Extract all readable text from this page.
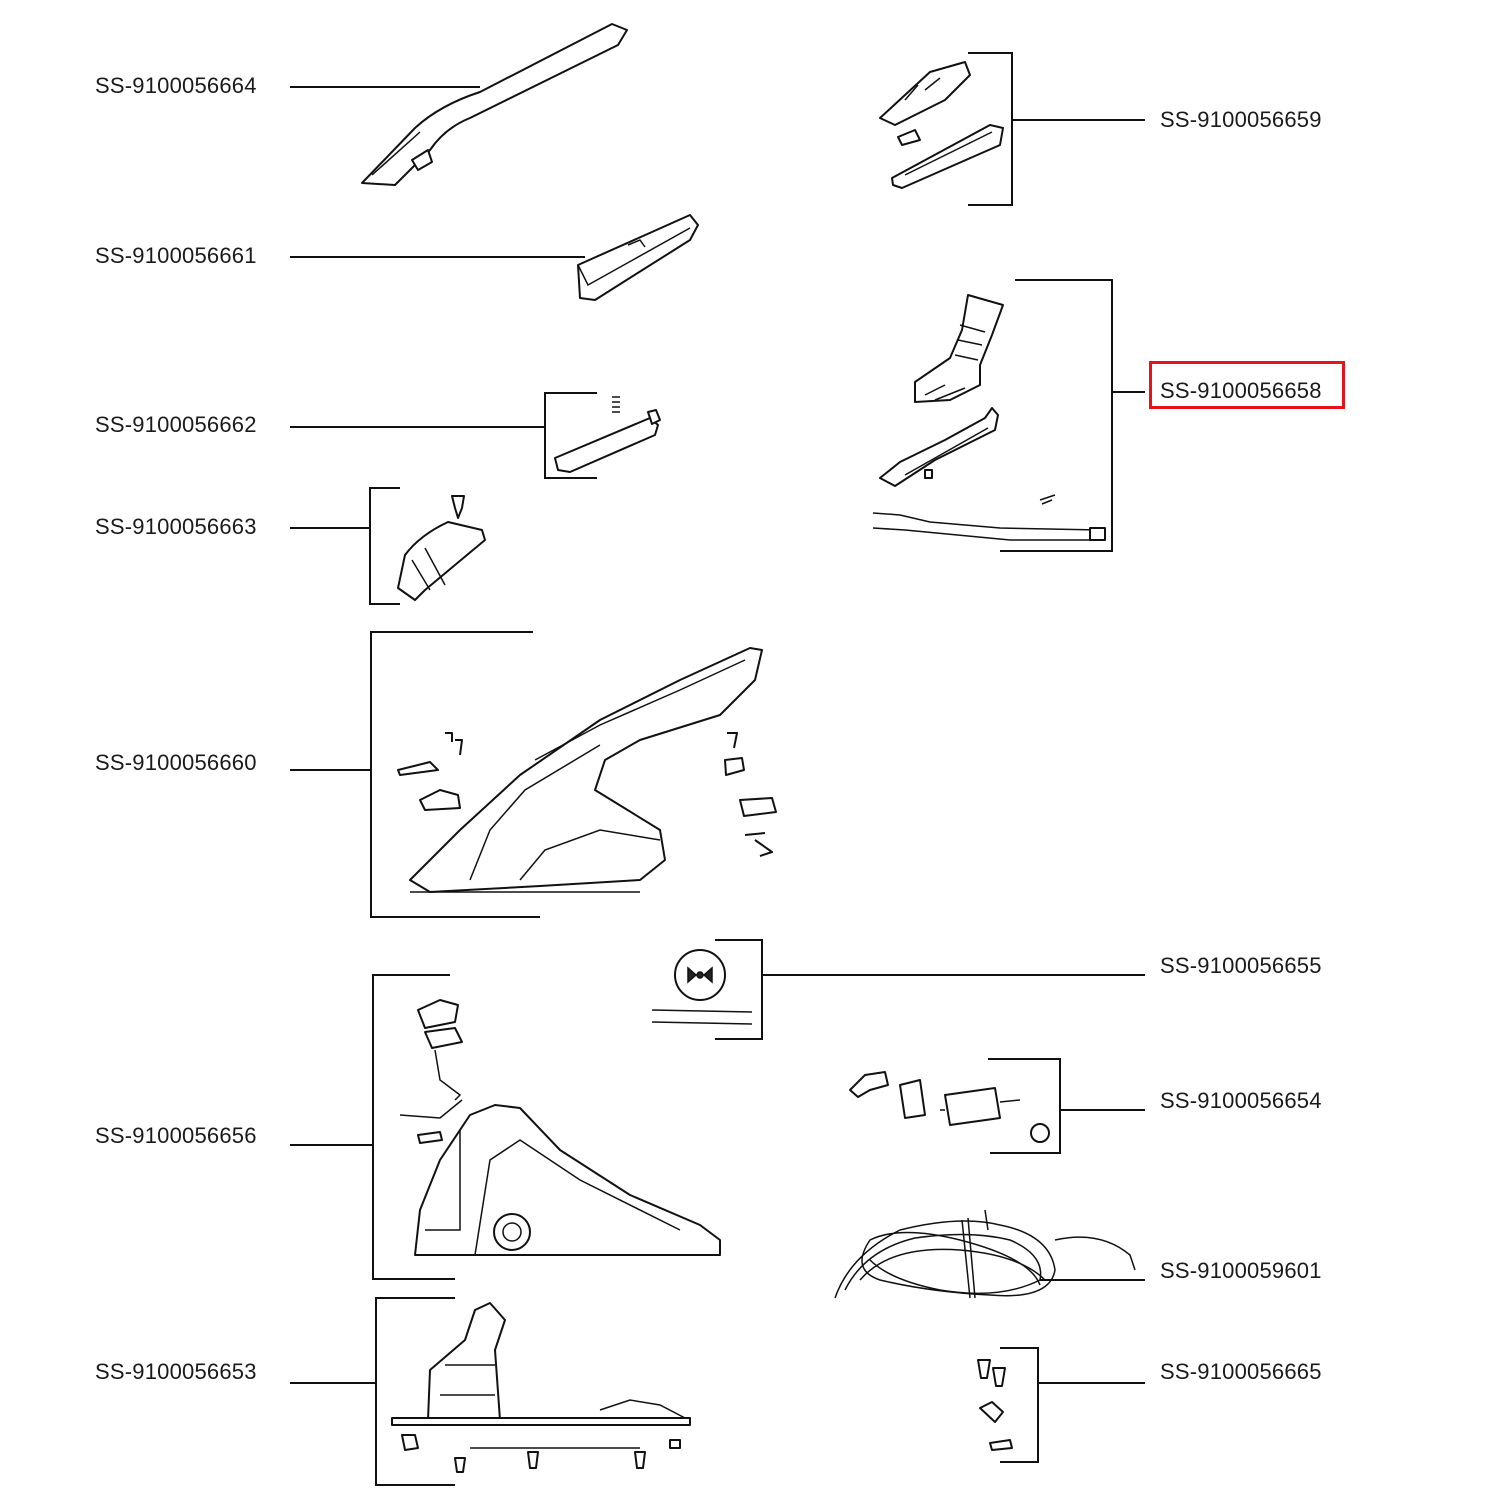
SS-9100056664
SS-9100056661
SS-9100056662
SS-9100056663
SS-9100056660
SS-9100056656
SS-9100056653
SS-9100056659
SS-9100056658
SS-9100056655
SS-9100056654
SS-9100059601
SS-9100056665
